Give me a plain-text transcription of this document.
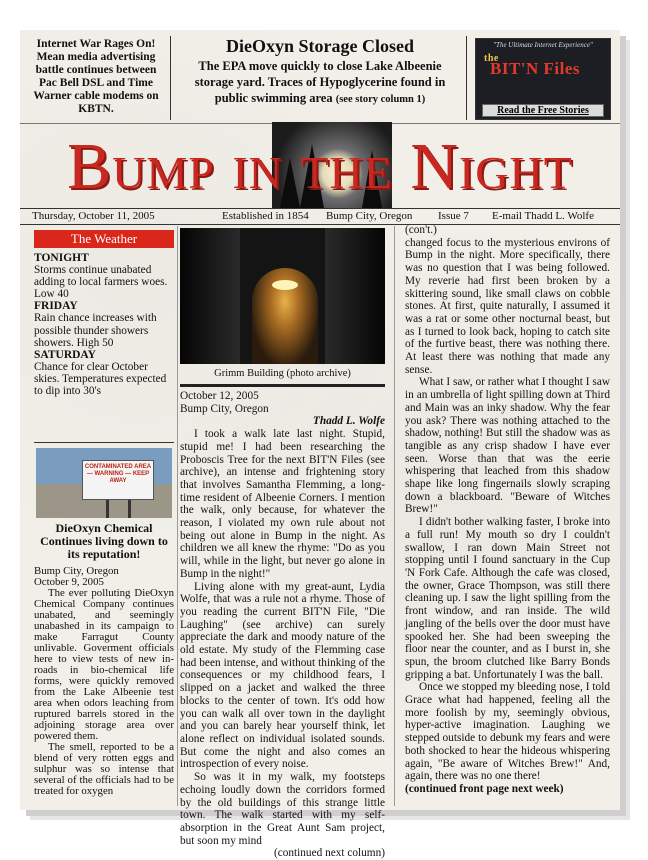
Internet War Rages On! Mean media advertising battle continues between Pac Bell DSL and Time Warner cable modems on KBTN.
DieOxyn Storage Closed
The EPA move quickly to close Lake Albeenie storage yard. Traces of Hypoglycerine found in public swimming area (see story column 1)
"The Ultimate Internet Experience"
the
BIT'N Files
Read the Free Stories
Bump in the Night
Thursday, October 11, 2005	Established in 1854 Bump City, Oregon Issue 7 E-mail Thadd L. Wolfe
The Weather
TONIGHT
Storms continue unabated adding to local farmers woes. Low 40
FRIDAY
Rain chance increases with possible thunder showers showers. High 50
SATURDAY
Chance for clear October skies. Temperatures expected to dip into 30's
CONTAMINATED AREA — WARNING — KEEP AWAY
DieOxyn Chemical Continues living down to its reputation!

Bump City, Oregon

October 9, 2005

The ever polluting DieOxyn Chemical Company continues unabated, and seemingly unabashed in its campaign to make Farragut County unlivable. Goverment officials here to view tests of new in-roads in bio-chemical life forms, were quickly removed from the Lake Albeenie test area when odors leaching from ruptured barrels stored in the adjoining storage area over powered them.

The smell, reported to be a blend of very rotten eggs and sulphur was so intense that several of the officials had to be treated for oxygen

Grimm Building (photo archive)

October 12, 2005

Bump City, Oregon

Thadd L. Wolfe

I took a walk late last night. Stupid, stupid me! I had been researching the Proboscis Tree for the next BIT'N Files (see archive), an intense and frightening story that involves Samantha Flemming, a long-time resident of Albeenie Corners. I mention the walk, only because, for whatever the reason, I violated my own rule about not being out alone in Bump in the night. As children we all knew the rhyme: "Do as you will, while in the light, but never go alone in Bump in the night!"

Living alone with my great-aunt, Lydia Wolfe, that was a rule not a rhyme. Those of you reading the current BIT'N File, "Die Laughing" (see archive) can surely appreciate the dark and moody nature of the old estate. My study of the Flemming case had been intense, and without thinking of the consequences or my childhood fears, I slipped on a jacket and walked the three blocks to the center of town. It's odd how you can walk all over town in the daylight and you can barely hear yourself think, let alone reflect on individual isolated sounds. But come the night and also comes an introspection of every noise.

So was it in my walk, my footsteps echoing loudly down the corridors formed by the old buildings of this strange little town. The walk started with my self-absorption in the Great Aunt Sam project, but soon my mind

(continued next column)

(con't.)

changed focus to the mysterious environs of Bump in the night. More specifically, there was no question that I was being followed. My reverie had first been broken by a skittering sound, like small claws on cobble stones. At first, quite naturally, I assumed it was a rat or some other nocturnal beast, but as I turned to look back, hoping to catch site of the furtive beast, there was nothing there. At least there was nothing that made any sense.

What I saw, or rather what I thought I saw in an umbrella of light spilling down at Third and Main was an inky shadow. Why the fear you ask? There was nothing attached to the shadow, nothing! But still the shadow was as tangible as any crisp shadow I have ever seen. Worse than that was the eerie whispering that leached from this shadow shape like long fingernails slowly scraping down a blackboard. "Beware of Witches Brew!"

I didn't bother walking faster, I broke into a full run! My mouth so dry I couldn't swallow, I ran down Main Street not stopping until I found sanctuary in the Cup 'N Fork Cafe. Although the cafe was closed, the owner, Grace Thompson, was still there cleaning up. I saw the light spilling from the front window, and ran inside. The wild jangling of the bells over the door must have spooked her. She had been sweeping the floor near the counter, and as I burst in, she spun, the broom clutched like Barry Bonds gripping a bat. Unfortunately I was the ball.

Once we stopped my bleeding nose, I told Grace what had happened, feeling all the more foolish by my, seemingly obvious, hyper-active imagination. Laughing we stepped outside to debunk my fears and were both shocked to hear the hideous whispering again, "Be aware of Witches Brew!" And, again, there was no one there!

(continued front page next week)
